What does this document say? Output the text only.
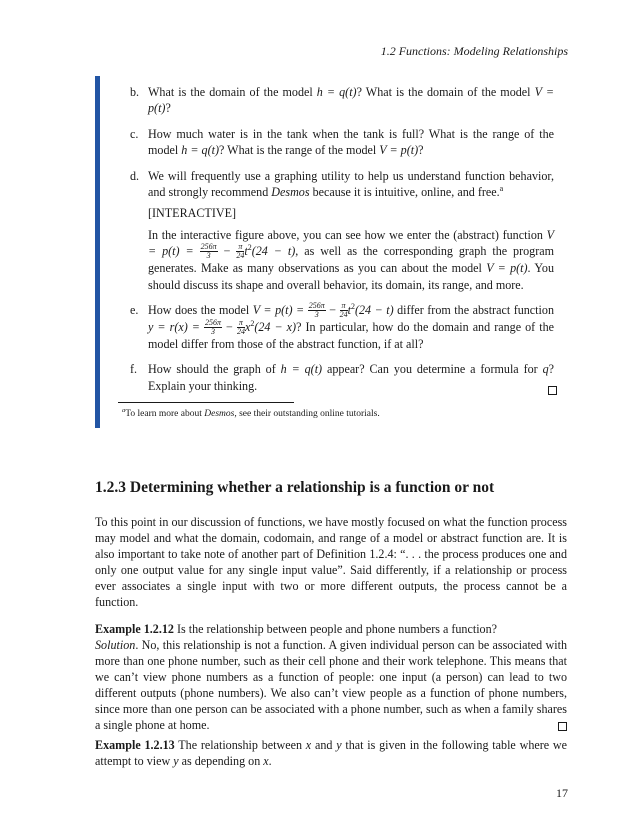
1.2 Functions: Modeling Relationships
b. What is the domain of the model h = q(t)? What is the domain of the model V = p(t)?

c. How much water is in the tank when the tank is full? What is the range of the model h = q(t)? What is the range of the model V = p(t)?

d. We will frequently use a graphing utility to help us understand function behavior, and strongly recommend Desmos because it is intuitive, online, and free.$^a$

[INTERACTIVE]

In the interactive figure above, you can see how we enter the (abstract) function $V = p(t) = \frac{256\pi}{3} - \frac{\pi}{24} t^2(24 - t)$, as well as the corresponding graph the program generates. Make as many observations as you can about the model V = p(t). You should discuss its shape and overall behavior, its domain, its range, and more.

e. How does the model $V = p(t) = \frac{256\pi}{3} - \frac{\pi}{24} t^2(24 - t)$ differ from the abstract function $y = r(x) = \frac{256\pi}{3} - \frac{\pi}{24} x^2(24 - x)$? In particular, how do the domain and range of the model differ from those of the abstract function, if at all?

f. How should the graph of h = q(t) appear? Can you determine a formula for q? Explain your thinking.

$^a$To learn more about Desmos, see their outstanding online tutorials.
1.2.3 Determining whether a relationship is a function or not

To this point in our discussion of functions, we have mostly focused on what the function process may model and what the domain, codomain, and range of a model or abstract function are. It is also important to take note of another part of Definition 1.2.4: “. . . the process produces one and only one output value for any single input value”. Said differently, if a relationship or process ever associates a single input with two or more different outputs, the process cannot be a function.

Example 1.2.12 Is the relationship between people and phone numbers a function?

Solution. No, this relationship is not a function. A given individual person can be associated with more than one phone number, such as their cell phone and their work telephone. This means that we can’t view phone numbers as a function of people: one input (a person) can lead to two different outputs (phone numbers). We also can’t view people as a function of phone numbers, since more than one person can be associated with a phone number, such as when a family shares a single phone at home.

Example 1.2.13 The relationship between x and y that is given in the following table where we attempt to view y as depending on x.

17
